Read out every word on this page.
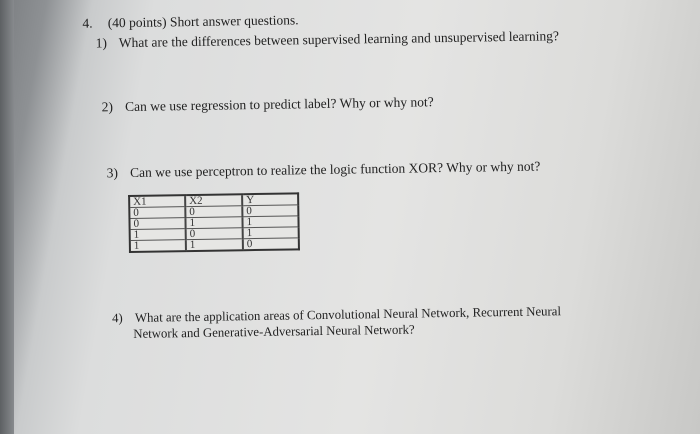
4. (40 points) Short answer questions.
1) What are the differences between supervised learning and unsupervised learning?
2) Can we use regression to predict label? Why or why not?
3) Can we use perceptron to realize the logic function XOR? Why or why not?
X1	X2	Y
0	0	0
0	1	1
1	0	1
1	1	0
4) What are the application areas of Convolutional Neural Network, Recurrent Neural
Network and Generative-Adversarial Neural Network?
